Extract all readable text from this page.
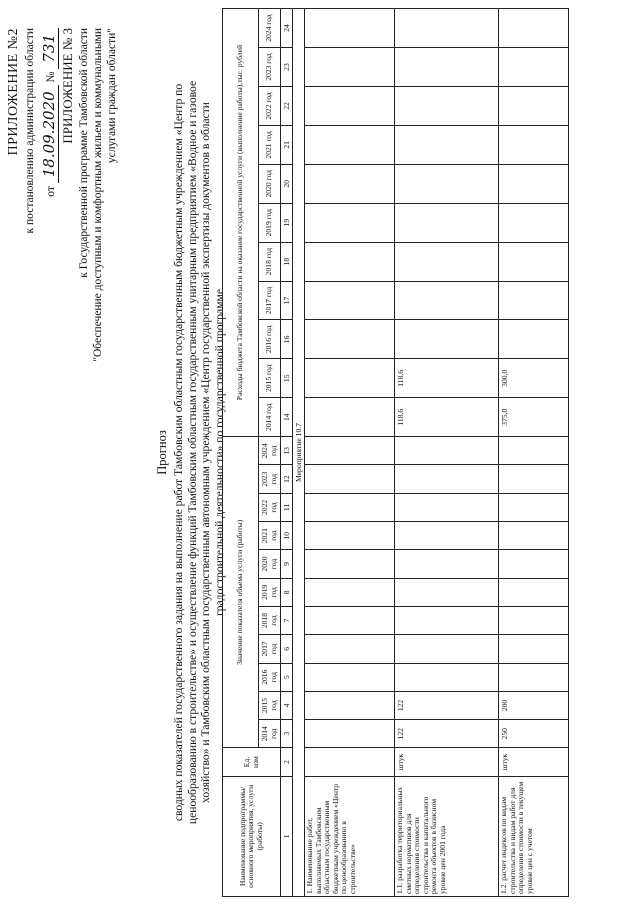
ПРИЛОЖЕНИЕ №2 к постановлению администрации области от 18.09.2020 № 731 ПРИЛОЖЕНИЕ № 3 к Государственной программе Тамбовской области "Обеспечение доступным и комфортным жильем и коммунальными услугами граждан области"
Прогноз сводных показателей государственного задания на выполнение работ Тамбовским областным государственным бюджетным учреждением «Центр по ценообразованию в строительстве» и осуществление функций Тамбовским областным государственным унитарным предприятием «Водное и газовое хозяйство» и Тамбовским областным государственным автономным учреждением «Центр государственной экспертизы документов в области градостроительной деятельности» по государственной программе
Наименование подпрограммы/ основного мероприятия, услуги (работы)	Ед. изм	Значение показателя объема услуги (работы)											Расходы бюджета Тамбовской области на оказание государственной услуги (выполнение работы),тыс. рублей										
		2014 год	2015 год	2016 год	2017 год	2018 год	2019 год	2020 год	2021 год	2022 год	2023 год	2024 год	2014 год	2015 год	2016 год	2017 год	2018 год	2019 год	2020 год	2021 год	2022 год	2023 год	2024 год
1	2	3	4	5	6	7	8	9	10	11	12	13	14	15	16	17	18	19	20	21	22	23	24
Мероприятие 10.7																							
1. Наименование работ, выполняемых Тамбовским областным государственным бюджетным учреждением «Центр по ценообразованию в строительстве»																							
1.1. разработка территориальных сметных нормативов для определения стоимости строительства и капитального ремонта объектов в базисном уровне цен 2001 года	штук	122	122										118,6	118,6									
1.2. расчет индексов по видам строительства и видам работ для определения стоимости в текущем уровне цен с учетом	штук	250	200										375,0	300,0									
